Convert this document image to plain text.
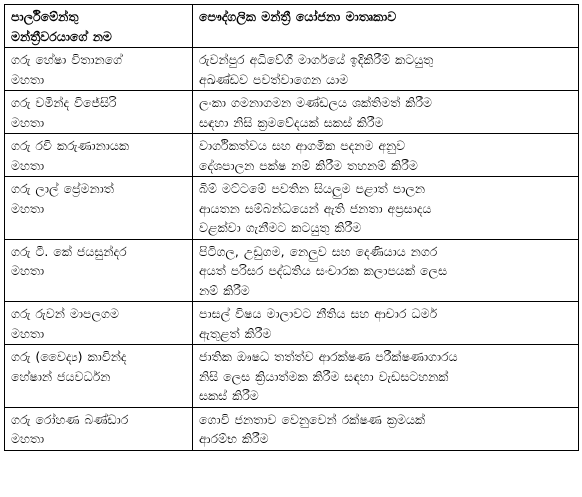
පාර්ලිමේන්තු
මන්ත්‍රීවරයාගේ නම	පෞද්ගලික මන්ත්‍රී යෝජනා මාතෘකාව

ගරු හේෂා විතානගේ
මහතා	රුවන්පුර අධිවේගී මාර්ගයේ ඉදිකිරීම් කටයුතු
අඛණ්ඩව පවත්වාගෙන යාම

ගරු වමින්ද විජේසිරි
මහතා	ලංකා ගමනාගමන මණ්ඩලය ශක්තිමත් කිරීම
සඳහා නිසි ක්‍රමවේදයක් සකස් කිරීම

ගරු රවි කරුණානායක
මහතා	වාර්ගිකත්වය සහ ආගමික පදනම අනුව
දේශපාලන පක්ෂ නම් කිරීම තහනම් කිරීම

ගරු ලාල් ප්‍රේමනාත්
මහතා	බිම් මට්ටමේ පවතින සියලුම පළාත් පාලන
ආයතන සම්බන්ධයෙන් ඇති ජනතා අප්‍රසාදය
වළක්වා ගැනීමට කටයුතු කිරීම

ගරු ටී. කේ ජයසුන්දර
මහතා	පිටිගල, උඩුගම, නෙලුව සහ දෙණියාය නගර
අයත් පරිසර පද්ධතිය සංචාරක කලාපයක් ලෙස
නම් කිරීම

ගරු රුවන් මාපලගම
මහතා	පාසල් විෂය මාලාවට නීතිය සහ ආචාර ධර්ම
ඇතුළත් කිරීම

ගරු (වෛද්‍ය) කාවින්ද
හේෂාන් ජයවර්ධන	ජාතික ඖෂධ තත්ත්ව ආරක්ෂණ පරීක්ෂණාගාරය
නිසි ලෙස ක්‍රියාත්මක කිරීම සඳහා වැඩසටහනක්
සකස් කිරීම

ගරු රෝහණ බණ්ඩාර
මහතා	ගොවි ජනතාව වෙනුවෙන් රක්ෂණ ක්‍රමයක්
ආරම්භ කිරීම
